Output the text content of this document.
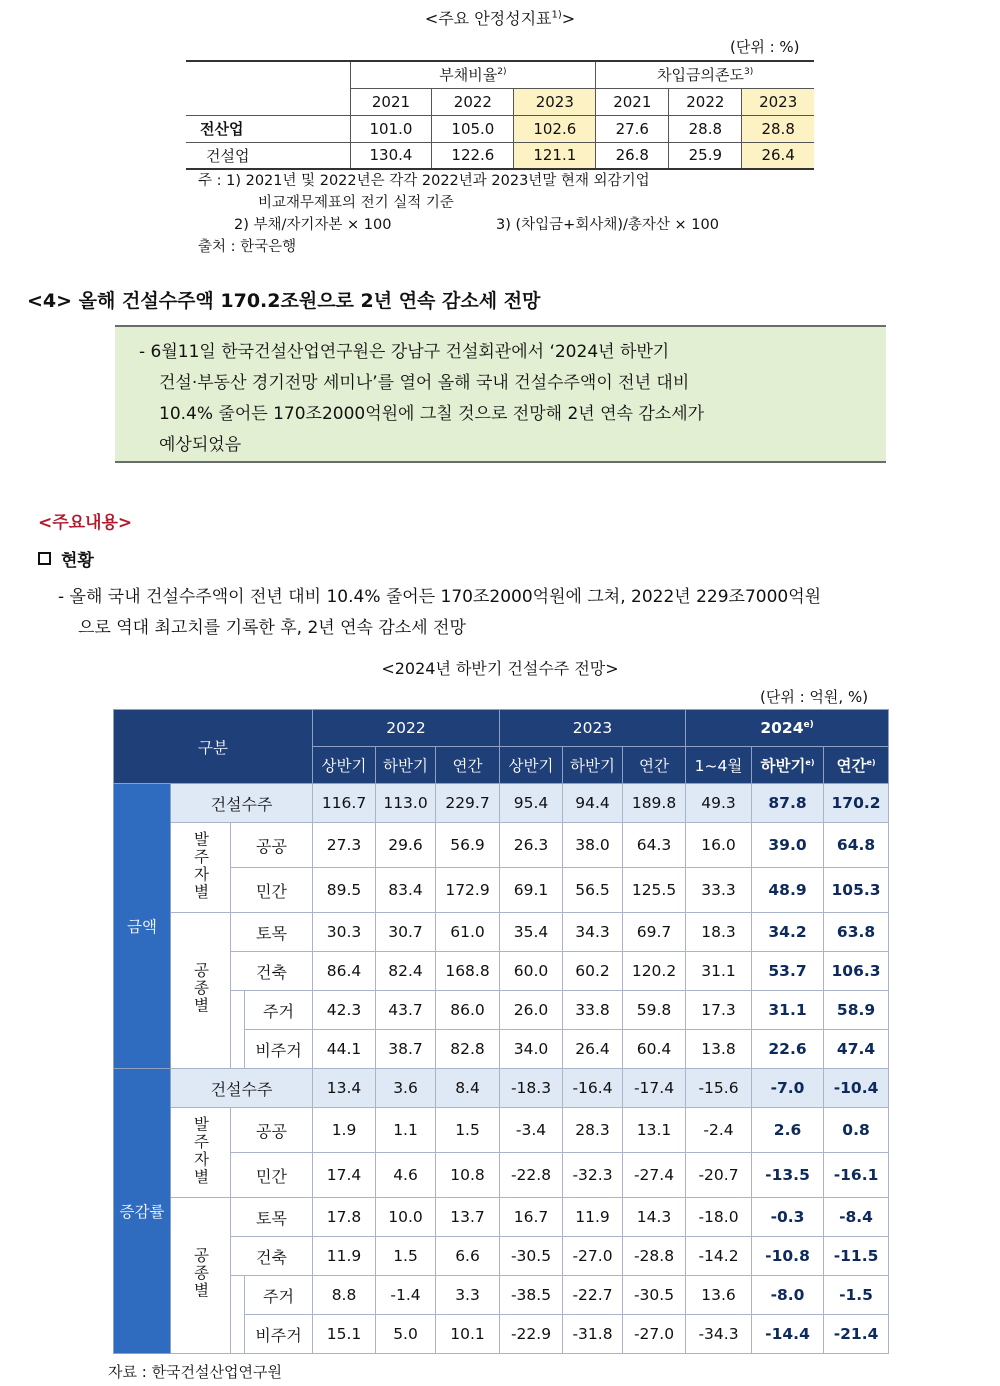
<주요 안정성지표$^{1)}$>
(단위 : %)
	부채비율$^{2)}$			차입금의존도$^{3)}$
	2021	2022	2023	2021	2022	2023
전산업	101.0	105.0	102.6	27.6	28.8	28.8
건설업	130.4	122.6	121.1	26.8	25.9	26.4
주 : 1) 2021년 및 2022년은 각각 2022년과 2023년말 현재 외감기업
비교재무제표의 전기 실적 기준
2) 부채/자기자본 × 100	3) (차입금+회사채)/총자산 × 100
출처 : 한국은행
<4> 올해 건설수주액 170.2조원으로 2년 연속 감소세 전망
- 6월11일 한국건설산업연구원은 강남구 건설회관에서 ‘2024년 하반기
건설·부동산 경기전망 세미나’를 열어 올해 국내 건설수주액이 전년 대비
10.4% 줄어든 170조2000억원에 그칠 것으로 전망해 2년 연속 감소세가
예상되었음
<주요내용>
현황
- 올해 국내 건설수주액이 전년 대비 10.4% 줄어든 170조2000억원에 그쳐, 2022년 229조7000억원
으로 역대 최고치를 기록한 후, 2년 연속 감소세 전망
<2024년 하반기 건설수주 전망>
(단위 : 억원, %)
구분				2022			2023			2024$^{e)}$
				상반기	하반기	연간	상반기	하반기	연간	1~4월	하반기$^{e)}$	연간$^{e)}$
금액	건설수주			116.7	113.0	229.7	95.4	94.4	189.8	49.3	87.8	170.2
	발주자별	공공		27.3	29.6	56.9	26.3	38.0	64.3	16.0	39.0	64.8
		민간		89.5	83.4	172.9	69.1	56.5	125.5	33.3	48.9	105.3
	공종별	토목		30.3	30.7	61.0	35.4	34.3	69.7	18.3	34.2	63.8
		건축		86.4	82.4	168.8	60.0	60.2	120.2	31.1	53.7	106.3
			주거	42.3	43.7	86.0	26.0	33.8	59.8	17.3	31.1	58.9
			비주거	44.1	38.7	82.8	34.0	26.4	60.4	13.8	22.6	47.4
증감률	건설수주			13.4	3.6	8.4	-18.3	-16.4	-17.4	-15.6	-7.0	-10.4
	발주자별	공공		1.9	1.1	1.5	-3.4	28.3	13.1	-2.4	2.6	0.8
		민간		17.4	4.6	10.8	-22.8	-32.3	-27.4	-20.7	-13.5	-16.1
	공종별	토목		17.8	10.0	13.7	16.7	11.9	14.3	-18.0	-0.3	-8.4
		건축		11.9	1.5	6.6	-30.5	-27.0	-28.8	-14.2	-10.8	-11.5
			주거	8.8	-1.4	3.3	-38.5	-22.7	-30.5	13.6	-8.0	-1.5
			비주거	15.1	5.0	10.1	-22.9	-31.8	-27.0	-34.3	-14.4	-21.4
자료 : 한국건설산업연구원
